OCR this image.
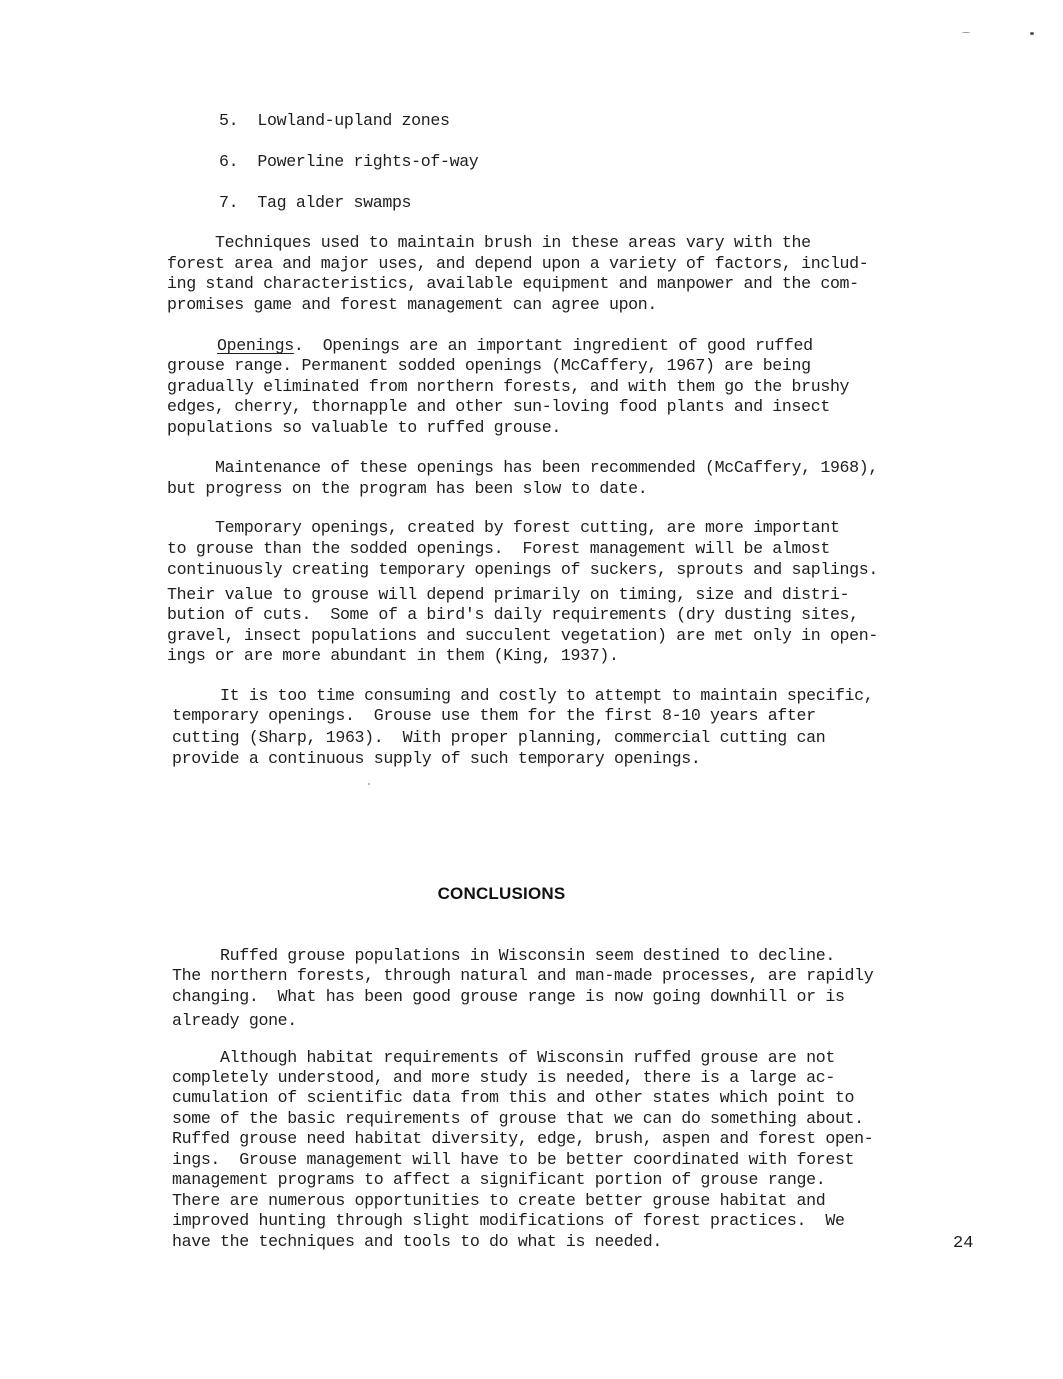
5.  Lowland-upland zones
6.  Powerline rights-of-way
7.  Tag alder swamps
Techniques used to maintain brush in these areas vary with the
forest area and major uses, and depend upon a variety of factors, includ-
ing stand characteristics, available equipment and manpower and the com-
promises game and forest management can agree upon.
Openings.  Openings are an important ingredient of good ruffed
grouse range. Permanent sodded openings (McCaffery, 1967) are being
gradually eliminated from northern forests, and with them go the brushy
edges, cherry, thornapple and other sun-loving food plants and insect
populations so valuable to ruffed grouse.
Maintenance of these openings has been recommended (McCaffery, 1968),
but progress on the program has been slow to date.
Temporary openings, created by forest cutting, are more important
to grouse than the sodded openings.  Forest management will be almost
continuously creating temporary openings of suckers, sprouts and saplings.
Their value to grouse will depend primarily on timing, size and distri-
bution of cuts.  Some of a bird's daily requirements (dry dusting sites,
gravel, insect populations and succulent vegetation) are met only in open-
ings or are more abundant in them (King, 1937).
It is too time consuming and costly to attempt to maintain specific,
temporary openings.  Grouse use them for the first 8-10 years after
cutting (Sharp, 1963).  With proper planning, commercial cutting can
provide a continuous supply of such temporary openings.
CONCLUSIONS
Ruffed grouse populations in Wisconsin seem destined to decline.
The northern forests, through natural and man-made processes, are rapidly
changing.  What has been good grouse range is now going downhill or is
already gone.
Although habitat requirements of Wisconsin ruffed grouse are not
completely understood, and more study is needed, there is a large ac-
cumulation of scientific data from this and other states which point to
some of the basic requirements of grouse that we can do something about.
Ruffed grouse need habitat diversity, edge, brush, aspen and forest open-
ings.  Grouse management will have to be better coordinated with forest
management programs to affect a significant portion of grouse range.
There are numerous opportunities to create better grouse habitat and
improved hunting through slight modifications of forest practices.  We
have the techniques and tools to do what is needed.	24
